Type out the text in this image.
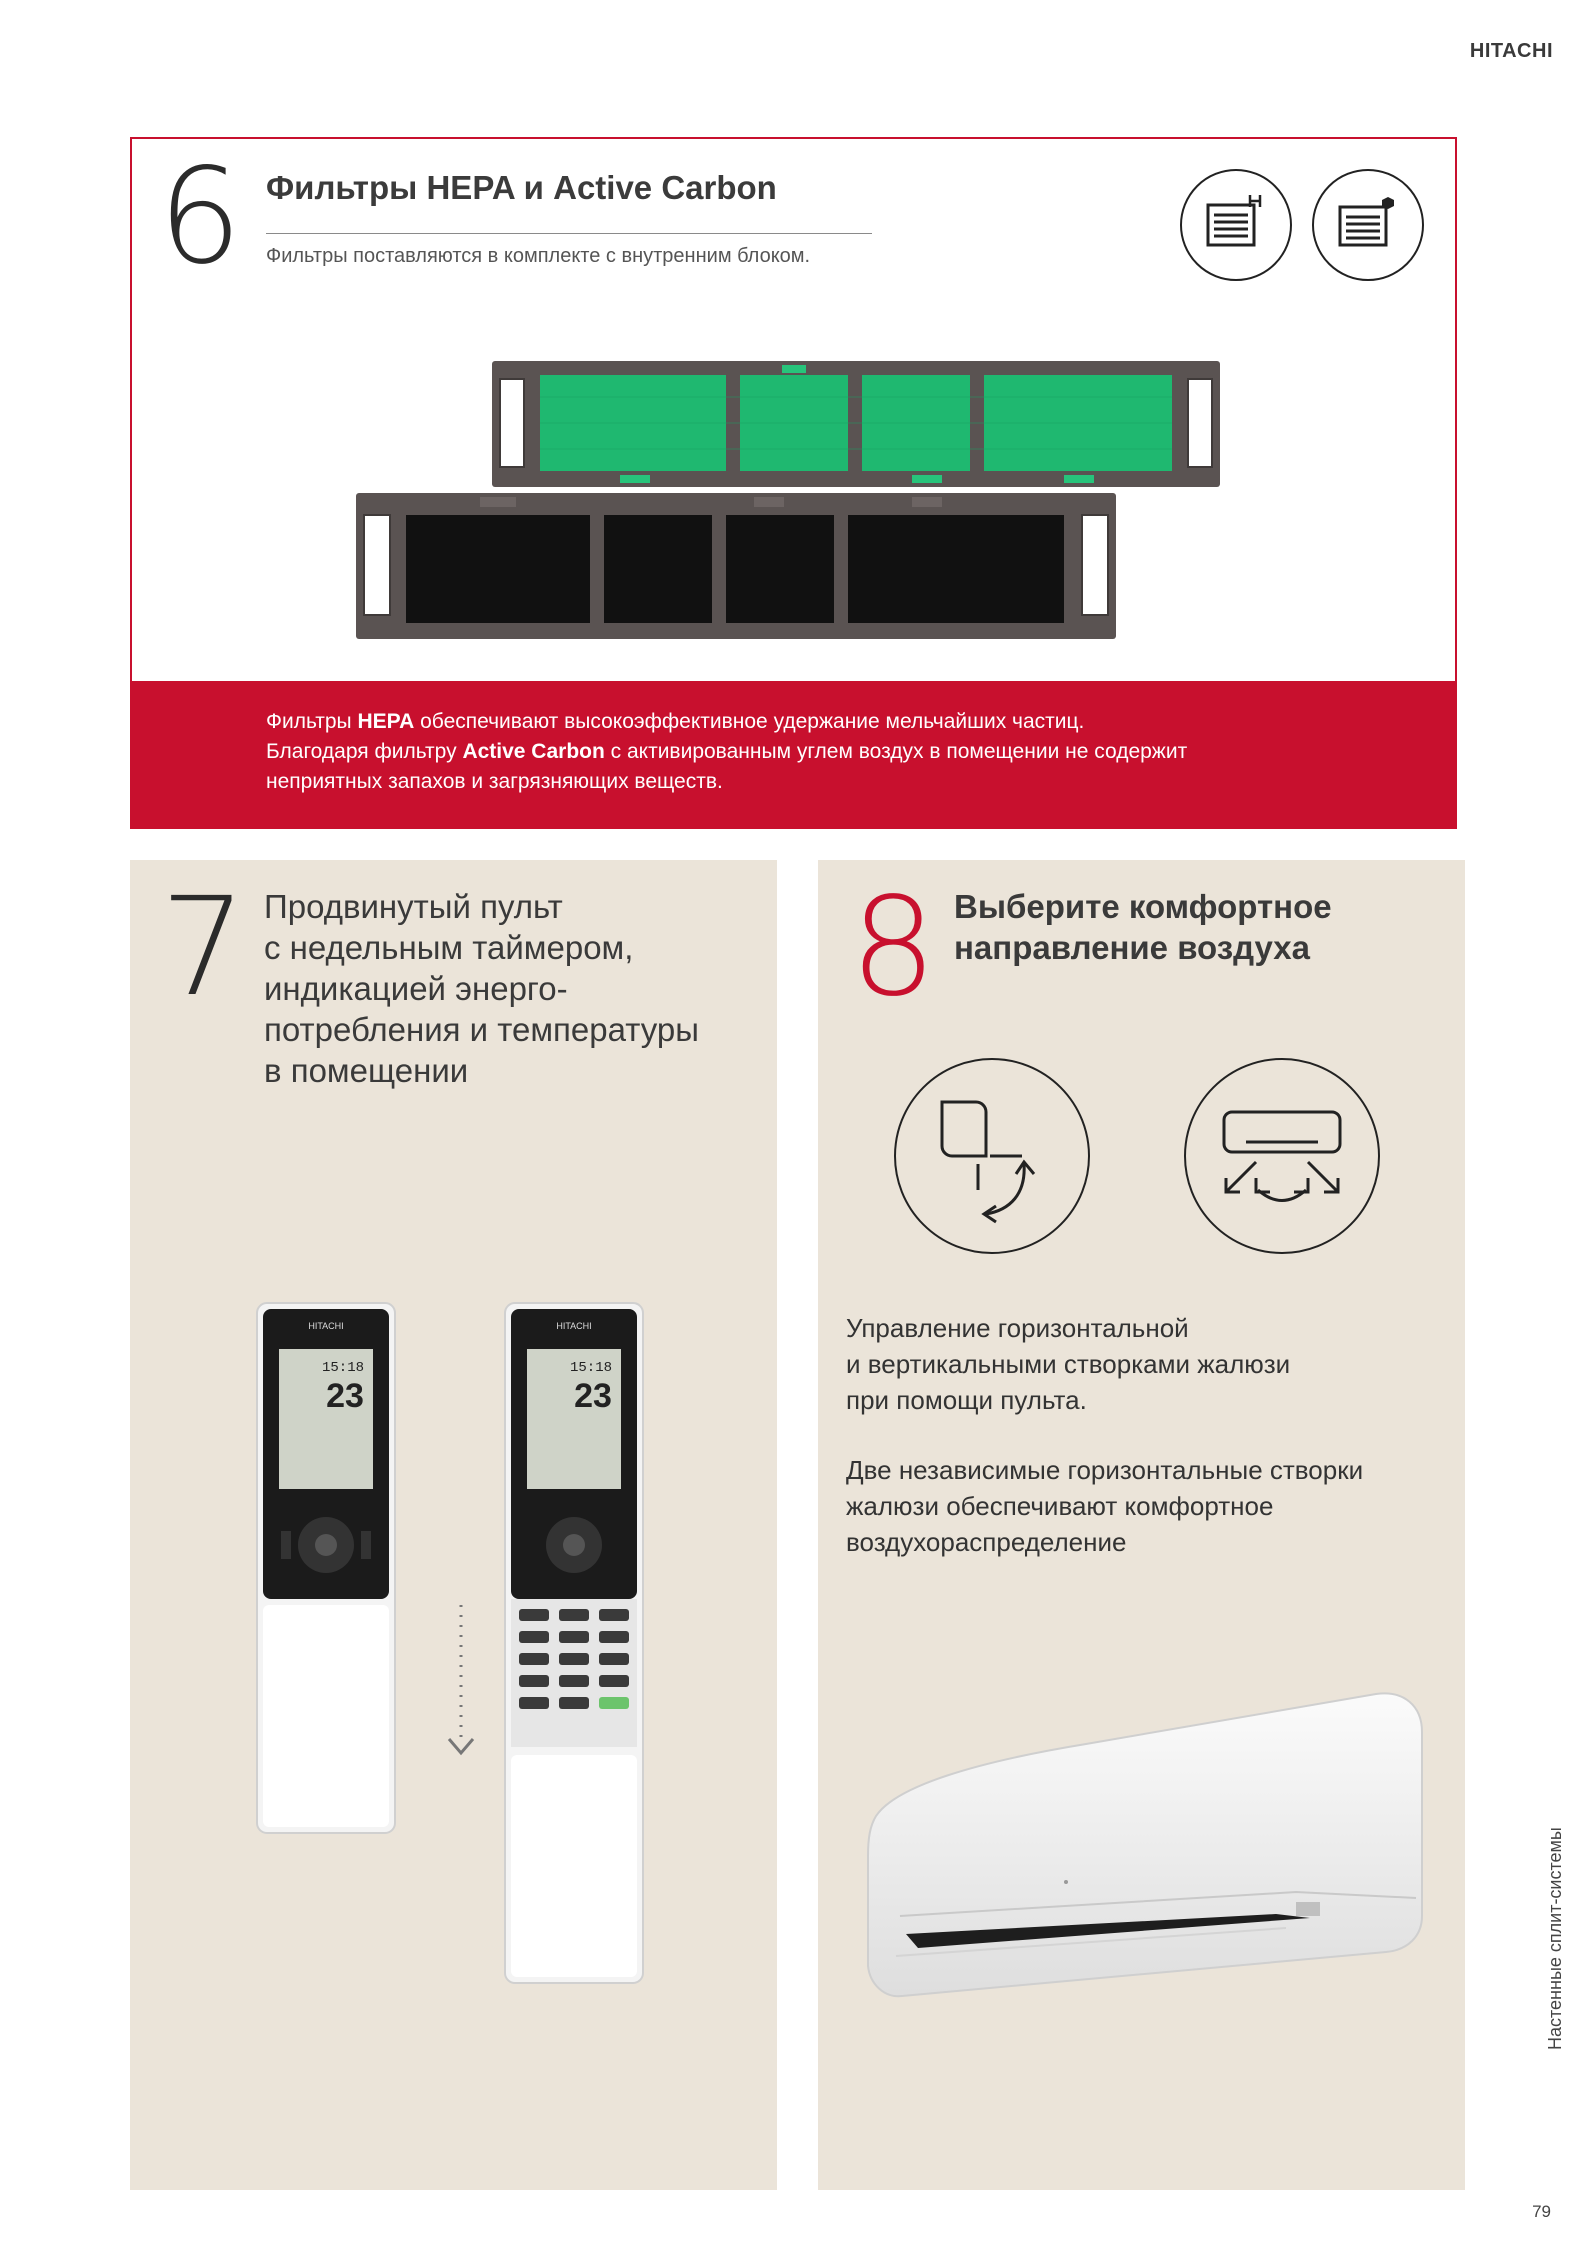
HITACHI
6 Фильтры HEPA и Active Carbon
Фильтры поставляются в комплекте с внутренним блоком.
Фильтры HEPA обеспечивают высокоэффективное удержание мельчайших частиц.
Благодаря фильтру Active Carbon с активированным углем воздух в помещении не содержит
неприятных запахов и загрязняющих веществ.
7 Продвинутый пульт
с недельным таймером,
индикацией энерго-
потребления и температуры
в помещении
HITACHI
15:18
23
HITACHI
15:18
23
8 Выберите комфортное
направление воздуха
Управление горизонтальной
и вертикальными створками жалюзи
при помощи пульта.
Две независимые горизонтальные створки
жалюзи обеспечивают комфортное
воздухораспределение
Настенные сплит-системы
79
